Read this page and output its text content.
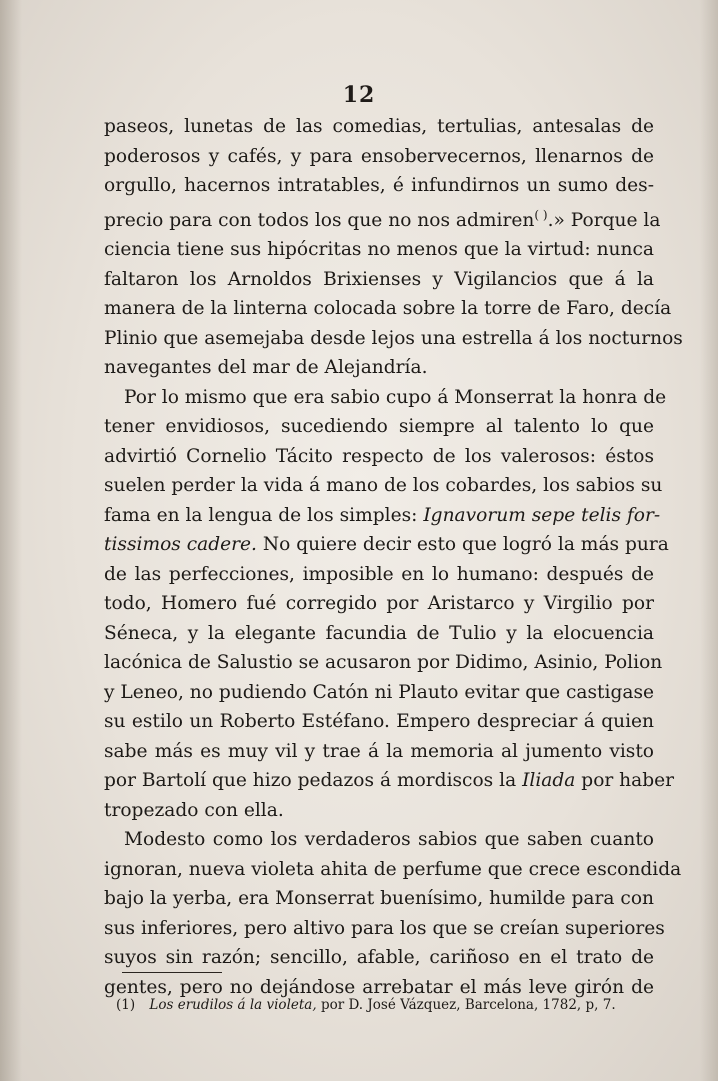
12
paseos, lunetas de las comedias, tertulias, antesalas de
poderosos y cafés, y para ensobervecernos, llenarnos de
orgullo, hacernos intratables, é infundirnos un sumo des-
precio para con todos los que no nos admiren( ).» Porque la
ciencia tiene sus hipócritas no menos que la virtud: nunca
faltaron los Arnoldos Brixienses y Vigilancios que á la
manera de la linterna colocada sobre la torre de Faro, decía
Plinio que asemejaba desde lejos una estrella á los nocturnos
navegantes del mar de Alejandría.
Por lo mismo que era sabio cupo á Monserrat la honra de
tener envidiosos, sucediendo siempre al talento lo que
advirtió Cornelio Tácito respecto de los valerosos: éstos
suelen perder la vida á mano de los cobardes, los sabios su
fama en la lengua de los simples: Ignavorum sepe telis for-
tissimos cadere. No quiere decir esto que logró la más pura
de las perfecciones, imposible en lo humano: después de
todo, Homero fué corregido por Aristarco y Virgilio por
Séneca, y la elegante facundia de Tulio y la elocuencia
lacónica de Salustio se acusaron por Didimo, Asinio, Polion
y Leneo, no pudiendo Catón ni Plauto evitar que castigase
su estilo un Roberto Estéfano. Empero despreciar á quien
sabe más es muy vil y trae á la memoria al jumento visto
por Bartolí que hizo pedazos á mordiscos la Iliada por haber
tropezado con ella.
Modesto como los verdaderos sabios que saben cuanto
ignoran, nueva violeta ahita de perfume que crece escondida
bajo la yerba, era Monserrat buenísimo, humilde para con
sus inferiores, pero altivo para los que se creían superiores
suyos sin razón; sencillo, afable, cariñoso en el trato de
gentes, pero no dejándose arrebatar el más leve girón de
(1) Los erudilos á la violeta, por D. José Vázquez, Barcelona, 1782, p, 7.
